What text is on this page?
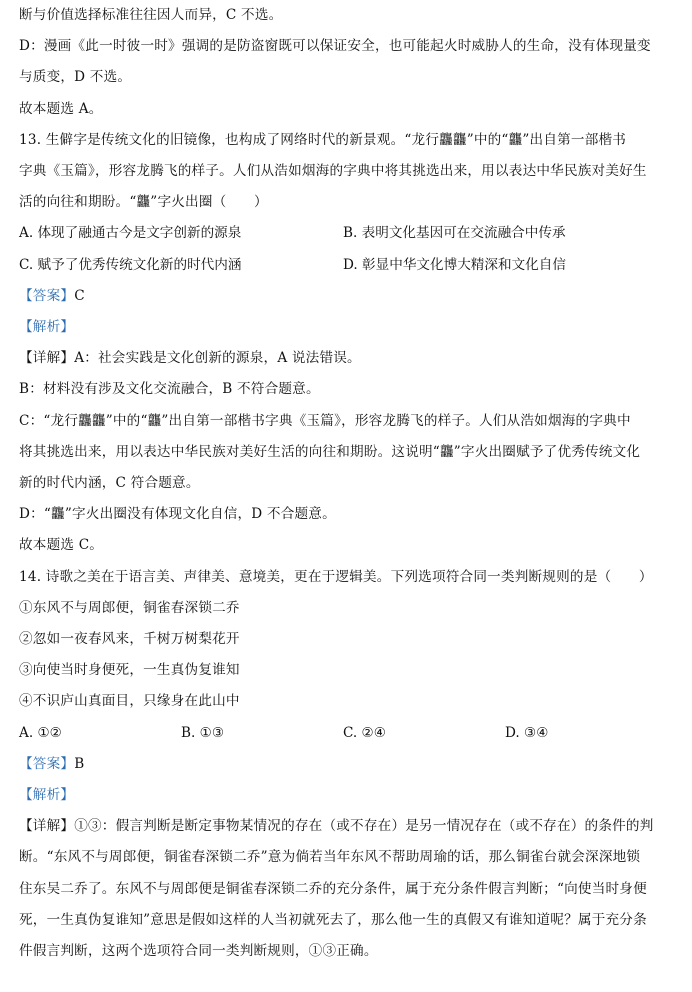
断与价值选择标准往往因人而异，C 不选。
D：漫画《此一时彼一时》强调的是防盗窗既可以保证安全，也可能起火时威胁人的生命，没有体现量变
与质变，D 不选。
故本题选 A。
13. 生僻字是传统文化的旧镜像，也构成了网络时代的新景观。“龙行龘龘”中的“龘”出自第一部楷书
字典《玉篇》，形容龙腾飞的样子。人们从浩如烟海的字典中将其挑选出来，用以表达中华民族对美好生
活的向往和期盼。“龘”字火出圈（　　）
A. 体现了融通古今是文字创新的源泉	B. 表明文化基因可在交流融合中传承
C. 赋予了优秀传统文化新的时代内涵	D. 彰显中华文化博大精深和文化自信
【答案】C
【解析】
【详解】A：社会实践是文化创新的源泉，A 说法错误。
B：材料没有涉及文化交流融合，B 不符合题意。
C：“龙行龘龘”中的“龘”出自第一部楷书字典《玉篇》，形容龙腾飞的样子。人们从浩如烟海的字典中
将其挑选出来，用以表达中华民族对美好生活的向往和期盼。这说明“龘”字火出圈赋予了优秀传统文化
新的时代内涵，C 符合题意。
D：“龘”字火出圈没有体现文化自信，D 不合题意。
故本题选 C。
14. 诗歌之美在于语言美、声律美、意境美，更在于逻辑美。下列选项符合同一类判断规则的是（　　）
①东风不与周郎便，铜雀春深锁二乔
②忽如一夜春风来，千树万树梨花开
③向使当时身便死，一生真伪复谁知
④不识庐山真面目，只缘身在此山中
A. ①②	B. ①③	C. ②④	D. ③④
【答案】B
【解析】
【详解】①③：假言判断是断定事物某情况的存在（或不存在）是另一情况存在（或不存在）的条件的判
断。“东风不与周郎便，铜雀春深锁二乔”意为倘若当年东风不帮助周瑜的话，那么铜雀台就会深深地锁
住东吴二乔了。东风不与周郎便是铜雀春深锁二乔的充分条件，属于充分条件假言判断；“向使当时身便
死，一生真伪复谁知”意思是假如这样的人当初就死去了，那么他一生的真假又有谁知道呢？属于充分条
件假言判断，这两个选项符合同一类判断规则，①③正确。
